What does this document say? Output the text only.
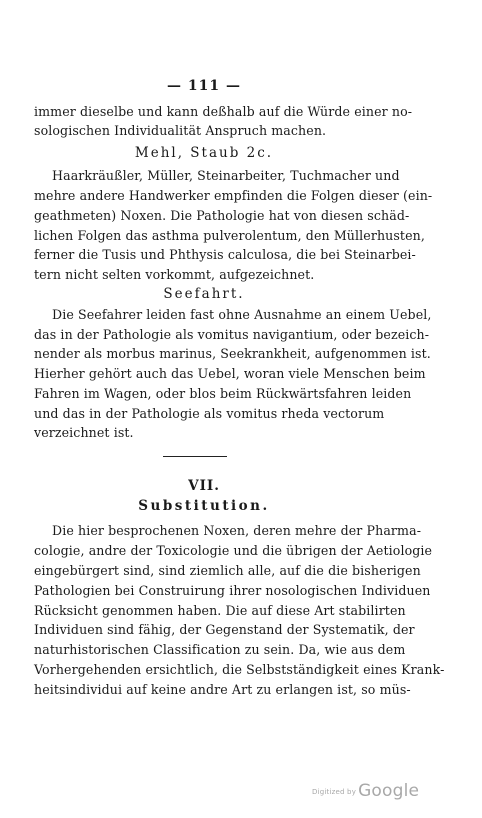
— 111 —
immer dieselbe und kann deßhalb auf die Würde einer no-
sologischen Individualität Anspruch machen.
Mehl, Staub 2c.
Haarkräußler, Müller, Steinarbeiter, Tuchmacher und
mehre andere Handwerker empfinden die Folgen dieser (ein-
geathmeten) Noxen. Die Pathologie hat von diesen schäd-
lichen Folgen das asthma pulverolentum, den Müllerhusten,
ferner die Tusis und Phthysis calculosa, die bei Steinarbei-
tern nicht selten vorkommt, aufgezeichnet.
Seefahrt.
Die Seefahrer leiden fast ohne Ausnahme an einem Uebel,
das in der Pathologie als vomitus navigantium, oder bezeich-
nender als morbus marinus, Seekrankheit, aufgenommen ist.
Hierher gehört auch das Uebel, woran viele Menschen beim
Fahren im Wagen, oder blos beim Rückwärtsfahren leiden
und das in der Pathologie als vomitus rheda vectorum
verzeichnet ist.
VII.
Substitution.
Die hier besprochenen Noxen, deren mehre der Pharma-
cologie, andre der Toxicologie und die übrigen der Aetiologie
eingebürgert sind, sind ziemlich alle, auf die die bisherigen
Pathologien bei Construirung ihrer nosologischen Individuen
Rücksicht genommen haben. Die auf diese Art stabilirten
Individuen sind fähig, der Gegenstand der Systematik, der
naturhistorischen Classification zu sein. Da, wie aus dem
Vorhergehenden ersichtlich, die Selbstständigkeit eines Krank-
heitsindividui auf keine andre Art zu erlangen ist, so müs-
Digitized by Google
